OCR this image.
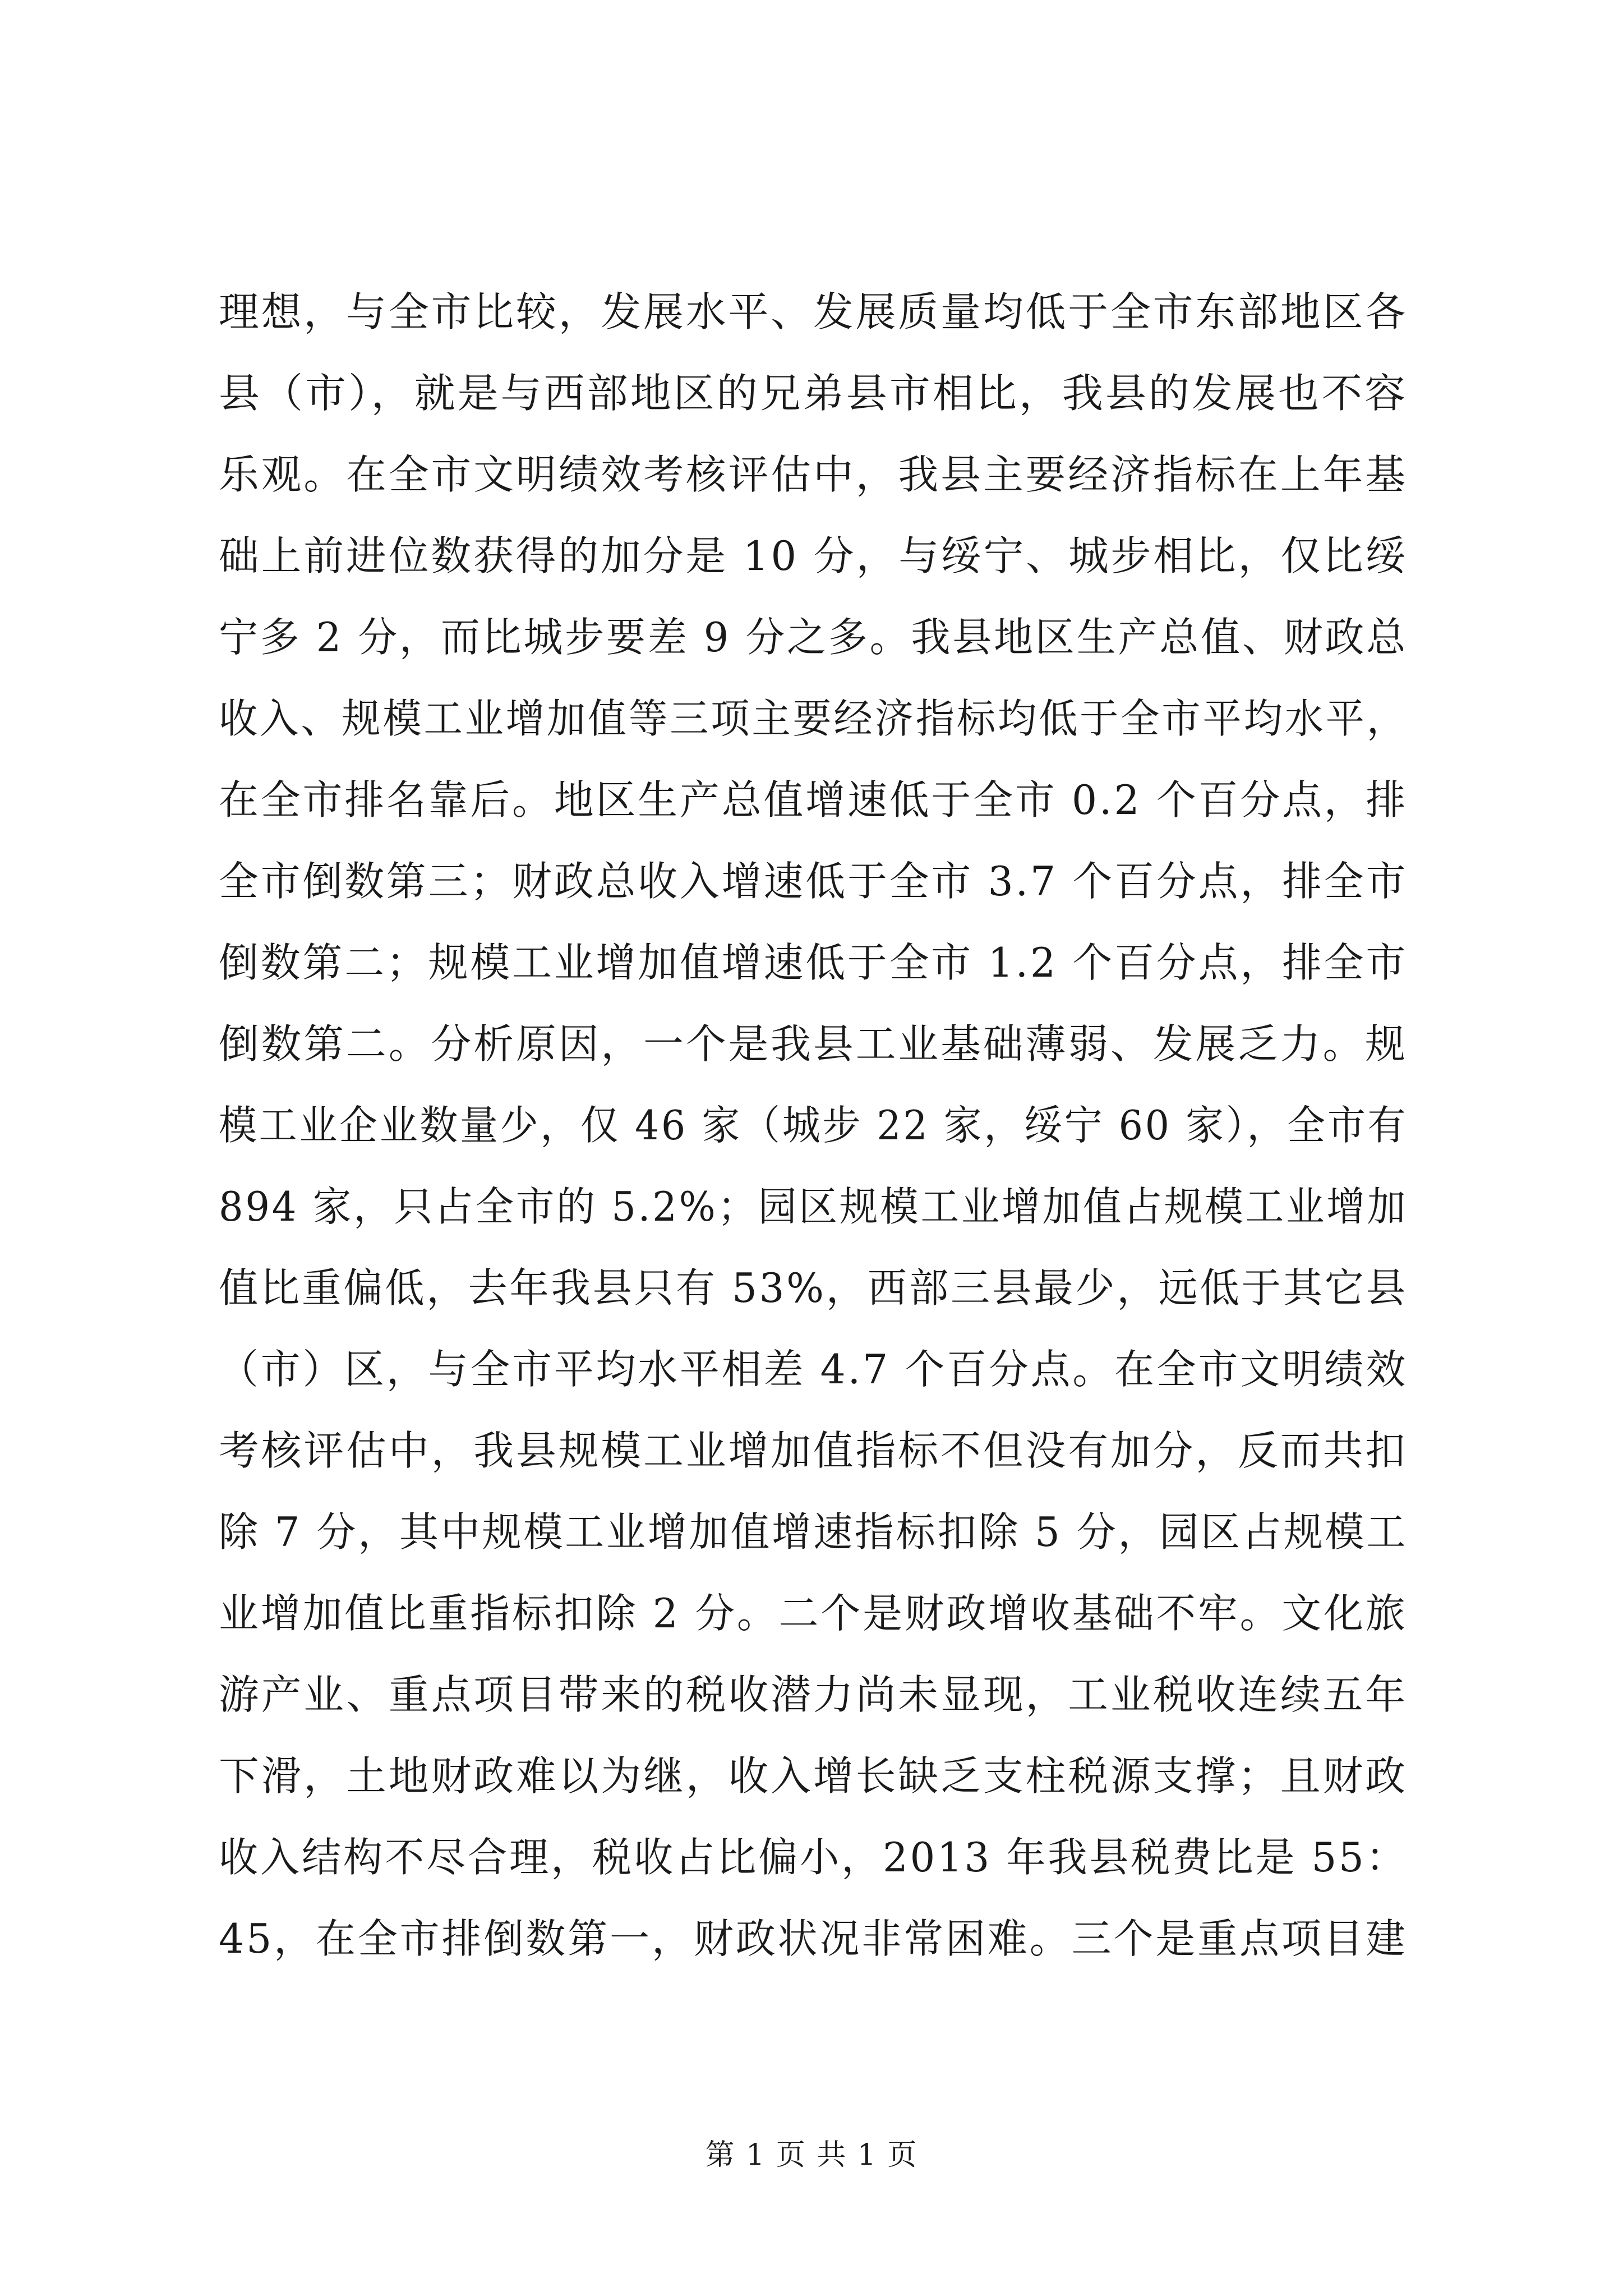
理想，与全市比较，发展水平、发展质量均低于全市东部地区各
县（市），就是与西部地区的兄弟县市相比，我县的发展也不容
乐观。在全市文明绩效考核评估中，我县主要经济指标在上年基
础上前进位数获得的加分是 10 分，与绥宁、城步相比，仅比绥
宁多 2 分，而比城步要差 9 分之多。我县地区生产总值、财政总
收入、规模工业增加值等三项主要经济指标均低于全市平均水平，
在全市排名靠后。地区生产总值增速低于全市 0.2 个百分点，排
全市倒数第三；财政总收入增速低于全市 3.7 个百分点，排全市
倒数第二；规模工业增加值增速低于全市 1.2 个百分点，排全市
倒数第二。分析原因，一个是我县工业基础薄弱、发展乏力。规
模工业企业数量少，仅 46 家（城步 22 家，绥宁 60 家），全市有
894 家，只占全市的 5.2%；园区规模工业增加值占规模工业增加
值比重偏低，去年我县只有 53%，西部三县最少，远低于其它县
（市）区，与全市平均水平相差 4.7 个百分点。在全市文明绩效
考核评估中，我县规模工业增加值指标不但没有加分，反而共扣
除 7 分，其中规模工业增加值增速指标扣除 5 分，园区占规模工
业增加值比重指标扣除 2 分。二个是财政增收基础不牢。文化旅
游产业、重点项目带来的税收潜力尚未显现，工业税收连续五年
下滑，土地财政难以为继，收入增长缺乏支柱税源支撑；且财政
收入结构不尽合理，税收占比偏小，2013 年我县税费比是 55：
45，在全市排倒数第一，财政状况非常困难。三个是重点项目建
第 1 页 共 1 页
